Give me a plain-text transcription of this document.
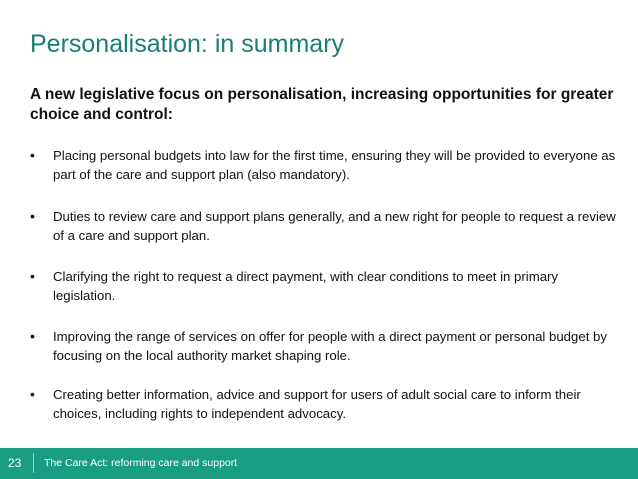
Personalisation: in summary
A new legislative focus on personalisation, increasing opportunities for greater choice and control:
•	Placing personal budgets into law for the first time, ensuring they will be provided to everyone as part of the care and support plan (also mandatory).
•	Duties to review care and support plans generally, and a new right for people to request a review of a care and support plan.
•	Clarifying the right to request a direct payment, with clear conditions to meet in primary legislation.
•	Improving the range of services on offer for people with a direct payment or personal budget by focusing on the local authority market shaping role.
•	Creating better information, advice and support for users of adult social care to inform their choices, including rights to independent advocacy.
23 The Care Act: reforming care and support
